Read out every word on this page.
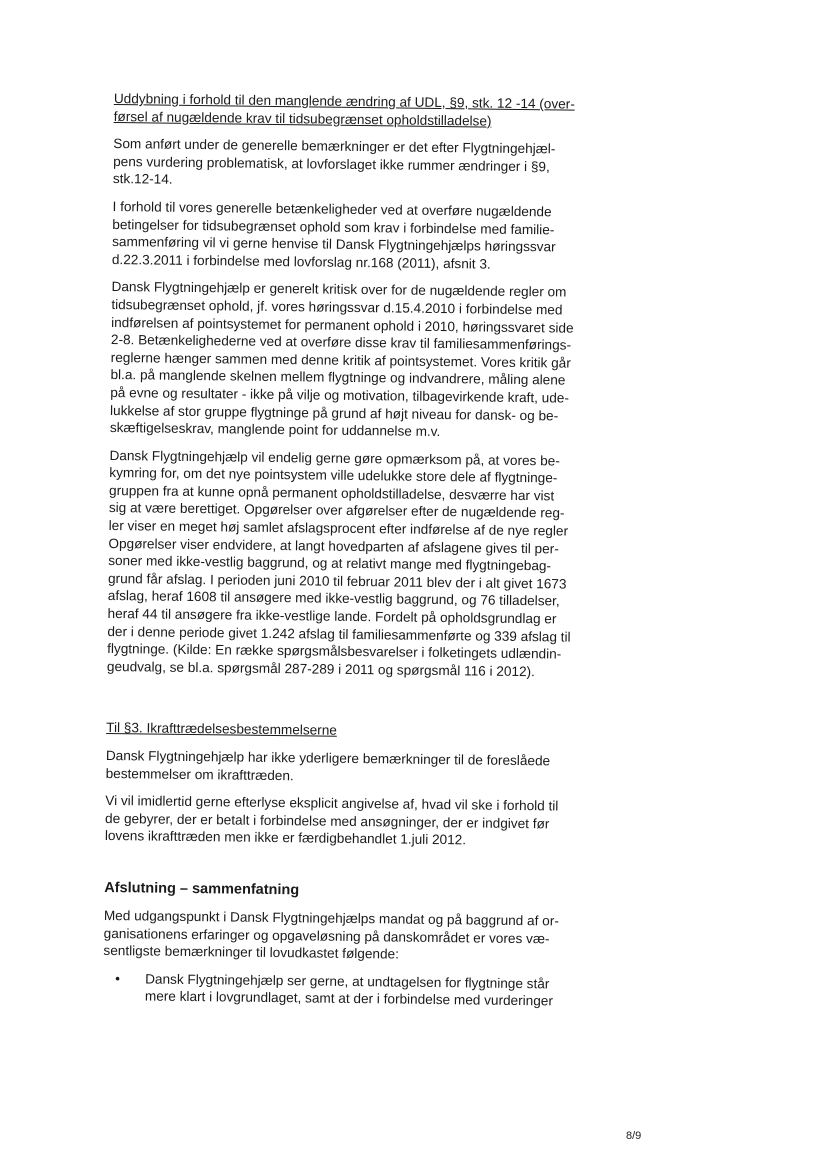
Uddybning i forhold til den manglende ændring af UDL, §9, stk. 12 -14 (over-
førsel af nugældende krav til tidsubegrænset opholdstilladelse)
Som anført under de generelle bemærkninger er det efter Flygtningehjæl-
pens vurdering problematisk, at lovforslaget ikke rummer ændringer i §9,
stk.12-14.
I forhold til vores generelle betænkeligheder ved at overføre nugældende
betingelser for tidsubegrænset ophold som krav i forbindelse med familie-
sammenføring vil vi gerne henvise til Dansk Flygtningehjælps høringssvar
d.22.3.2011 i forbindelse med lovforslag nr.168 (2011), afsnit 3.
Dansk Flygtningehjælp er generelt kritisk over for de nugældende regler om
tidsubegrænset ophold, jf. vores høringssvar d.15.4.2010 i forbindelse med
indførelsen af pointsystemet for permanent ophold i 2010, høringssvaret side
2-8. Betænkelighederne ved at overføre disse krav til familiesammenførings-
reglerne hænger sammen med denne kritik af pointsystemet. Vores kritik går
bl.a. på manglende skelnen mellem flygtninge og indvandrere, måling alene
på evne og resultater - ikke på vilje og motivation, tilbagevirkende kraft, ude-
lukkelse af stor gruppe flygtninge på grund af højt niveau for dansk- og be-
skæftigelseskrav, manglende point for uddannelse m.v.
Dansk Flygtningehjælp vil endelig gerne gøre opmærksom på, at vores be-
kymring for, om det nye pointsystem ville udelukke store dele af flygtninge-
gruppen fra at kunne opnå permanent opholdstilladelse, desværre har vist
sig at være berettiget. Opgørelser over afgørelser efter de nugældende reg-
ler viser en meget høj samlet afslagsprocent efter indførelse af de nye regler
Opgørelser viser endvidere, at langt hovedparten af afslagene gives til per-
soner med ikke-vestlig baggrund, og at relativt mange med flygtningebag-
grund får afslag. I perioden juni 2010 til februar 2011 blev der i alt givet 1673
afslag, heraf 1608 til ansøgere med ikke-vestlig baggrund, og 76 tilladelser,
heraf 44 til ansøgere fra ikke-vestlige lande. Fordelt på opholdsgrundlag er
der i denne periode givet 1.242 afslag til familiesammenførte og 339 afslag til
flygtninge. (Kilde: En række spørgsmålsbesvarelser i folketingets udlændin-
geudvalg, se bl.a. spørgsmål 287-289 i 2011 og spørgsmål 116 i 2012).
Til §3. Ikrafttrædelsesbestemmelserne
Dansk Flygtningehjælp har ikke yderligere bemærkninger til de foreslåede
bestemmelser om ikrafttræden.
Vi vil imidlertid gerne efterlyse eksplicit angivelse af, hvad vil ske i forhold til
de gebyrer, der er betalt i forbindelse med ansøgninger, der er indgivet før
lovens ikrafttræden men ikke er færdigbehandlet 1.juli 2012.
Afslutning – sammenfatning
Med udgangspunkt i Dansk Flygtningehjælps mandat og på baggrund af or-
ganisationens erfaringer og opgaveløsning på danskområdet er vores væ-
sentligste bemærkninger til lovudkastet følgende:
• Dansk Flygtningehjælp ser gerne, at undtagelsen for flygtninge står
mere klart i lovgrundlaget, samt at der i forbindelse med vurderinger
8/9
